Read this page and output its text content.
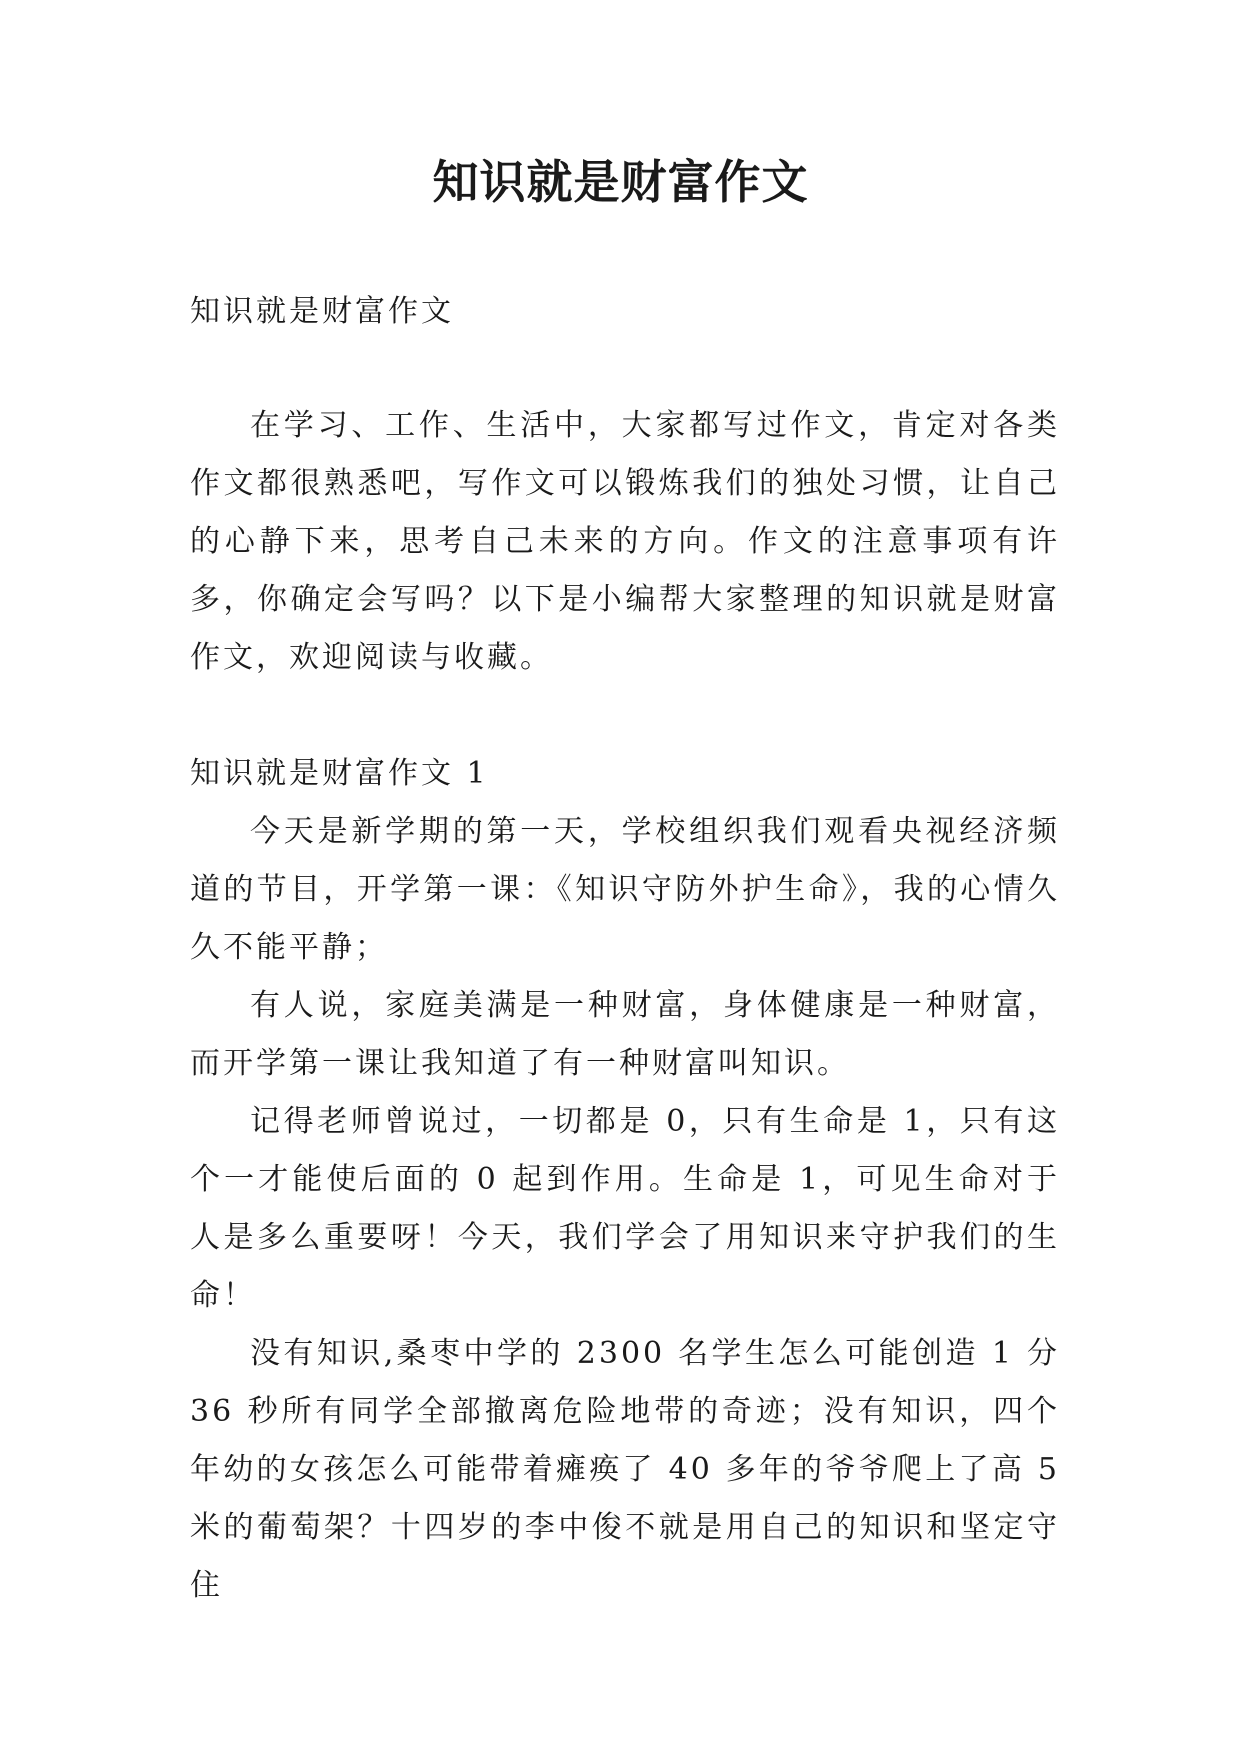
知识就是财富作文

知识就是财富作文

在学习、工作、生活中，大家都写过作文，肯定对各类作文都很熟悉吧，写作文可以锻炼我们的独处习惯，让自己的心静下来，思考自己未来的方向。作文的注意事项有许多，你确定会写吗？以下是小编帮大家整理的知识就是财富作文，欢迎阅读与收藏。

知识就是财富作文 1

今天是新学期的第一天，学校组织我们观看央视经济频道的节目，开学第一课：《知识守防外护生命》，我的心情久久不能平静；

有人说，家庭美满是一种财富，身体健康是一种财富，而开学第一课让我知道了有一种财富叫知识。

记得老师曾说过，一切都是 0，只有生命是 1，只有这个一才能使后面的 0 起到作用。生命是 1，可见生命对于人是多么重要呀！今天，我们学会了用知识来守护我们的生命！

没有知识,桑枣中学的 2300 名学生怎么可能创造 1 分 36 秒所有同学全部撤离危险地带的奇迹；没有知识，四个年幼的女孩怎么可能带着瘫痪了 40 多年的爷爷爬上了高 5 米的葡萄架？十四岁的李中俊不就是用自己的知识和坚定守住
